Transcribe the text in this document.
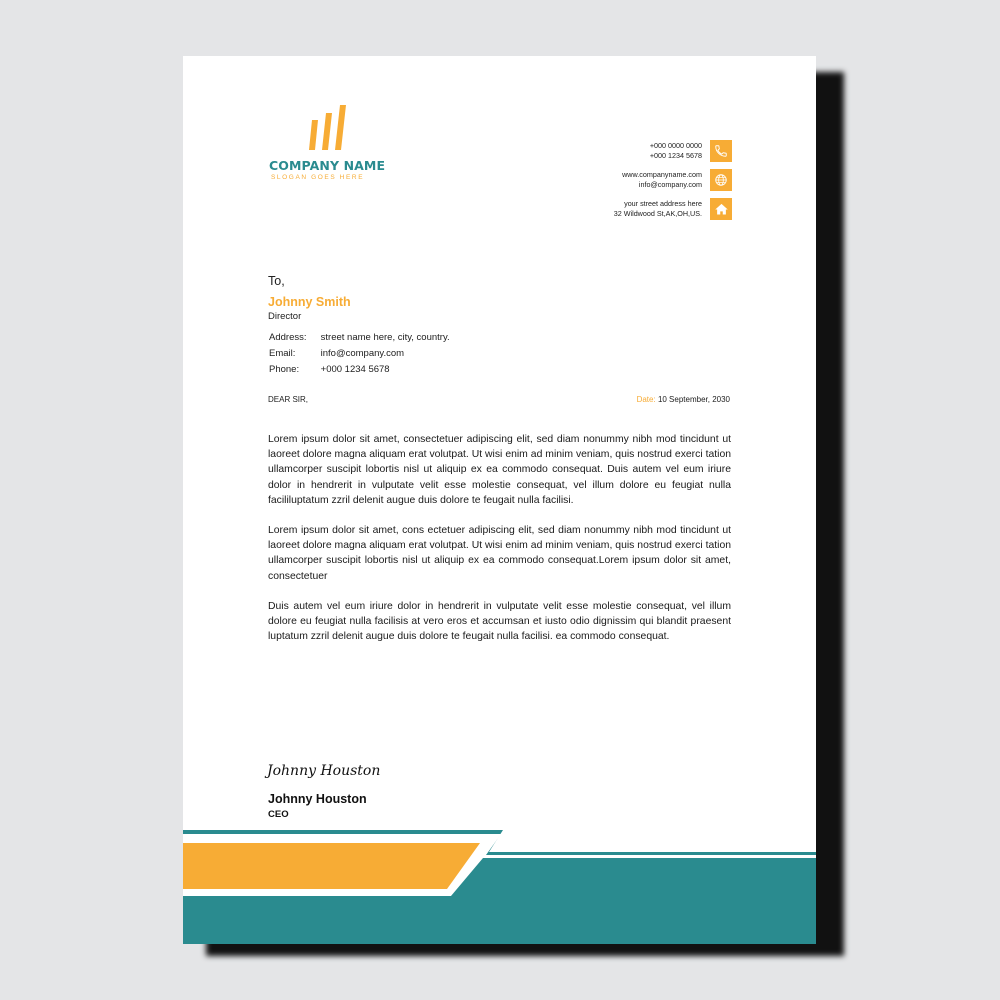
COMPANY NAME
SLOGAN GOES HERE
+000 0000 0000
+000 1234 5678
www.companyname.com
info@company.com
your street address here
32 Wildwood St,AK,OH,US.
To,
Johnny Smith
Director
Address: street name here, city, country.
Email:	info@company.com
Phone: +000 1234 5678
DEAR SIR,	Date: 10 September, 2030

Lorem ipsum dolor sit amet, consectetuer adipiscing elit, sed diam nonummy nibh mod tincidunt ut laoreet dolore magna aliquam erat volutpat. Ut wisi enim ad minim veniam, quis nostrud exerci tation ullamcorper suscipit lobortis nisl ut aliquip ex ea commodo consequat. Duis autem vel eum iriure dolor in hendrerit in vulputate velit esse molestie consequat, vel illum dolore eu feugiat nulla facililuptatum zzril delenit augue duis dolore te feugait nulla facilisi.

Lorem ipsum dolor sit amet, cons ectetuer adipiscing elit, sed diam nonummy nibh mod tincidunt ut laoreet dolore magna aliquam erat volutpat. Ut wisi enim ad minim veniam, quis nostrud exerci tation ullamcorper suscipit lobortis nisl ut aliquip ex ea commodo consequat.Lorem ipsum dolor sit amet, consectetuer

Duis autem vel eum iriure dolor in hendrerit in vulputate velit esse molestie consequat, vel illum dolore eu feugiat nulla facilisis at vero eros et accumsan et iusto odio dignissim qui blandit praesent luptatum zzril delenit augue duis dolore te feugait nulla facilisi. ea commodo consequat.

Johnny Houston
Johnny Houston
CEO
